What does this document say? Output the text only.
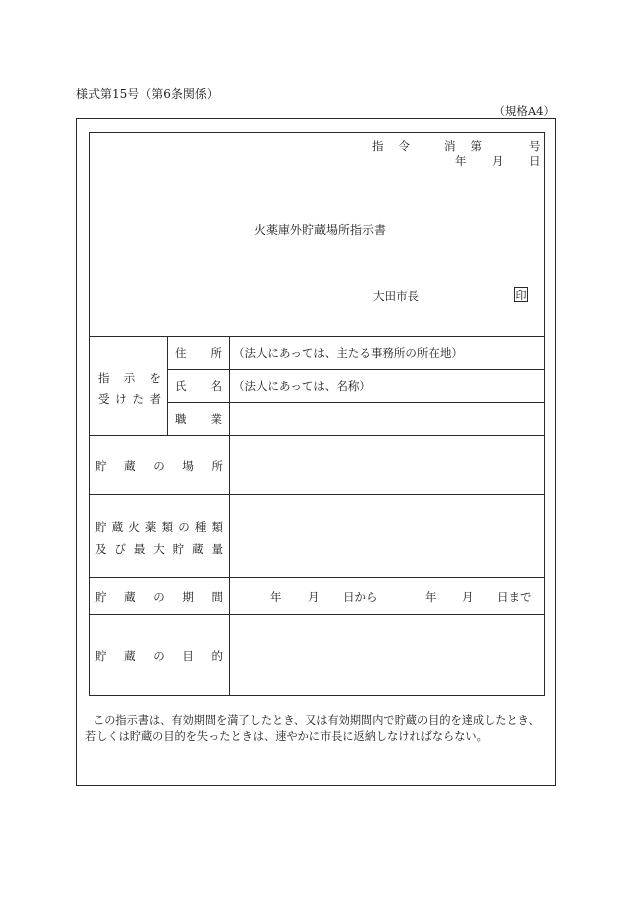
様式第15号（第6条関係）
（規格A4）
指 令	消 第	号
年 月 日
火薬庫外貯蔵場所指示書
大田市長	印
指 示 を
受 け た 者
住 所 （法人にあっては、主たる事務所の所在地）
氏 名 （法人にあっては、名称）
職 業
貯 蔵 の 場 所
貯 蔵 火 薬 類 の 種 類
及 び 最 大 貯 蔵 量
貯 蔵 の 期 間	年 月 日から	年 月 日まで
貯 蔵 の 目 的
この指示書は、有効期間を満了したとき、又は有効期間内で貯蔵の目的を達成したとき、
若しくは貯蔵の目的を失ったときは、速やかに市長に返納しなければならない。
